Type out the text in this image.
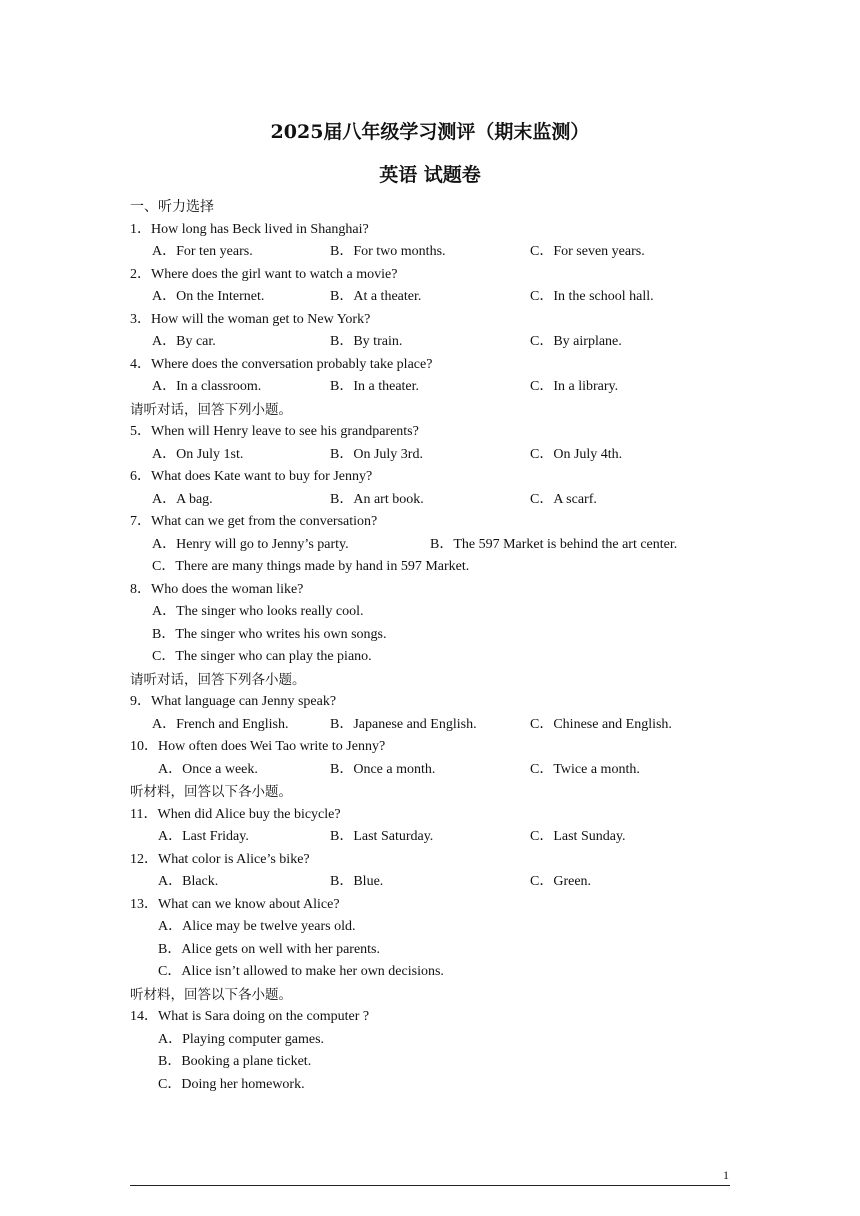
2025届八年级学习测评（期末监测）
英语 试题卷
一、听力选择
1．How long has Beck lived in Shanghai?
A．For ten years.	B．For two months.	C．For seven years.
2．Where does the girl want to watch a movie?
A．On the Internet.	B．At a theater.	C．In the school hall.
3．How will the woman get to New York?
A．By car.	B．By train.	C．By airplane.
4．Where does the conversation probably take place?
A．In a classroom.	B．In a theater.	C．In a library.
请听对话，回答下列小题。
5．When will Henry leave to see his grandparents?
A．On July 1st.	B．On July 3rd.	C．On July 4th.
6．What does Kate want to buy for Jenny?
A．A bag.	B．An art book.	C．A scarf.
7．What can we get from the conversation?
A．Henry will go to Jenny’s party.	B．The 597 Market is behind the art center.
C．There are many things made by hand in 597 Market.
8．Who does the woman like?
A．The singer who looks really cool.
B．The singer who writes his own songs.
C．The singer who can play the piano.
请听对话，回答下列各小题。
9．What language can Jenny speak?
A．French and English.	B．Japanese and English.	C．Chinese and English.
10．How often does Wei Tao write to Jenny?
A．Once a week.	B．Once a month.	C．Twice a month.
听材料，回答以下各小题。
11．When did Alice buy the bicycle?
A．Last Friday.	B．Last Saturday.	C．Last Sunday.
12．What color is Alice’s bike?
A．Black.	B．Blue.	C．Green.
13．What can we know about Alice?
A．Alice may be twelve years old.
B．Alice gets on well with her parents.
C．Alice isn’t allowed to make her own decisions.
听材料，回答以下各小题。
14．What is Sara doing on the computer ?
A．Playing computer games.
B．Booking a plane ticket.
C．Doing her homework.
1
